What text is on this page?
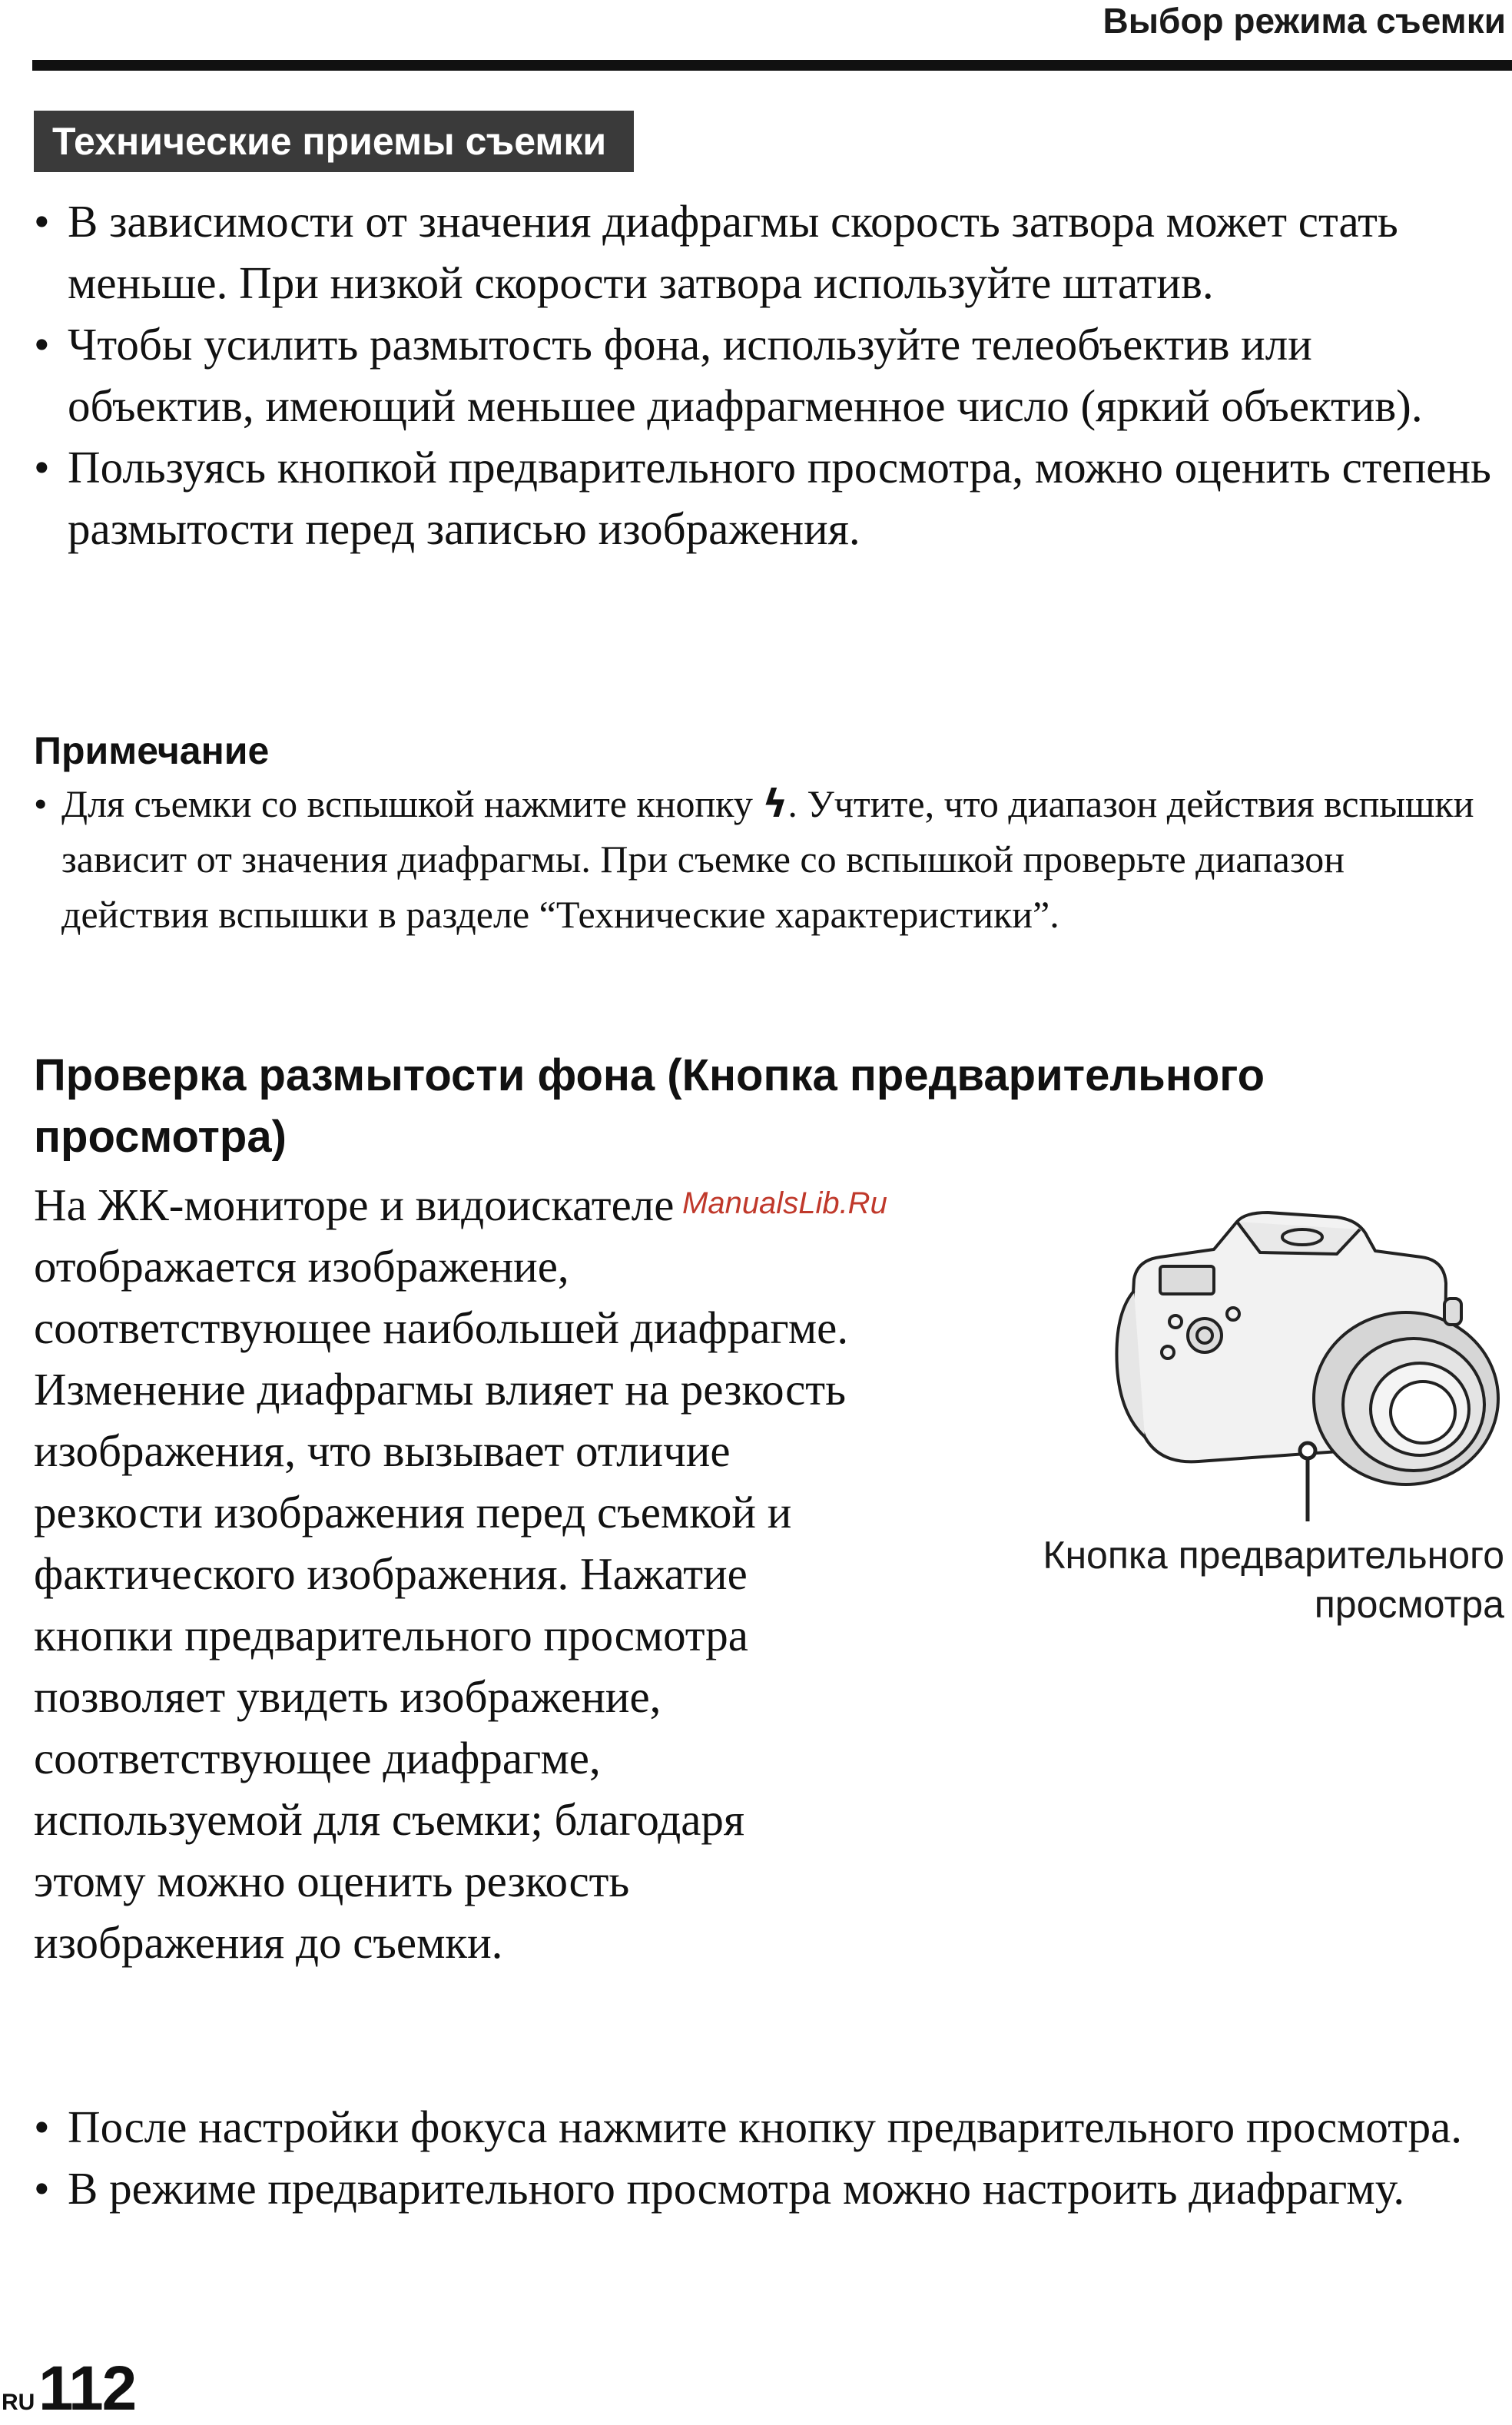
Выбор режима съемки
Технические приемы съемки
• В зависимости от значения диафрагмы скорость затвора может стать меньше. При низкой скорости затвора используйте штатив.
• Чтобы усилить размытость фона, используйте телеобъектив или объектив, имеющий меньшее диафрагменное число (яркий объектив).
• Пользуясь кнопкой предварительного просмотра, можно оценить степень размытости перед записью изображения.
Примечание
• Для съемки со вспышкой нажмите кнопку ϟ. Учтите, что диапазон действия вспышки зависит от значения диафрагмы. При съемке со вспышкой проверьте диапазон действия вспышки в разделе “Технические характеристики”.
Проверка размытости фона (Кнопка предварительного просмотра)

На ЖК-мониторе и видоискателе отображается изображение, соответствующее наибольшей диафрагме. Изменение диафрагмы влияет на резкость изображения, что вызывает отличие резкости изображения перед съемкой и фактического изображения. Нажатие кнопки предварительного просмотра позволяет увидеть изображение, соответствующее диафрагме, используемой для съемки; благодаря этому можно оценить резкость изображения до съемки.

ManualsLib.Ru
Кнопка предварительного просмотра
• После настройки фокуса нажмите кнопку предварительного просмотра.
• В режиме предварительного просмотра можно настроить диафрагму.
RU 112
